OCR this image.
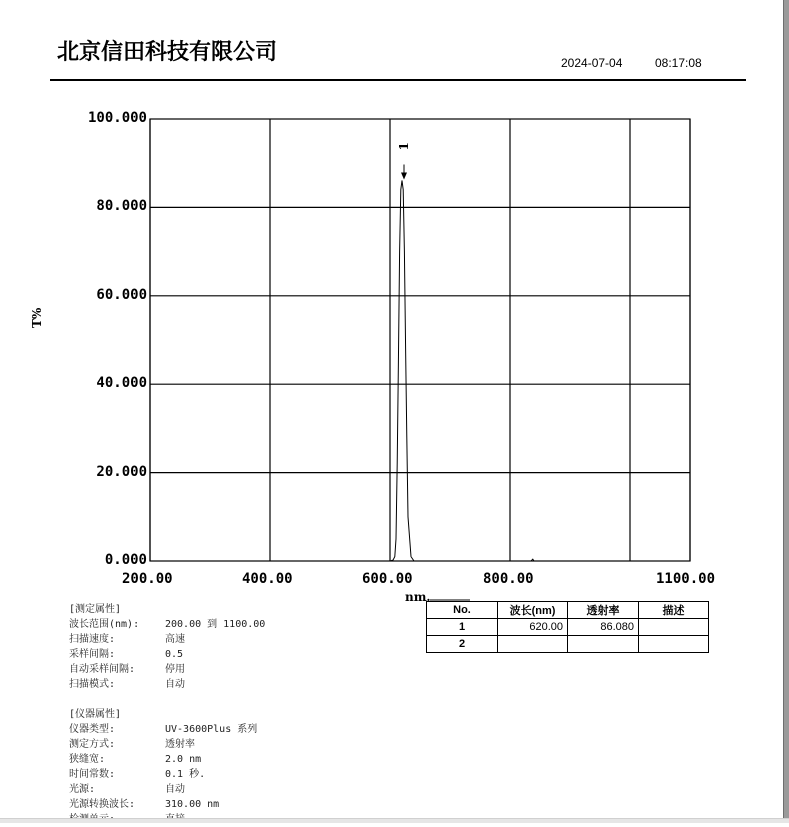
北京信田科技有限公司	2024-07-04	08:17:08
T%
100.000
80.000
60.000
40.000
20.000
0.000
200.00	400.00	600.00	800.00	1100.00
nm.
1
No.	波长(nm)	透射率	描述
1	620.00	86.080	
2			
[测定属性]
波长范围(nm):	200.00 到 1100.00
扫描速度:	高速
采样间隔:	0.5
自动采样间隔:	停用
扫描模式:	自动
[仪器属性]
仪器类型:	UV-3600Plus 系列
测定方式:	透射率
狭缝宽:	2.0 nm
时间常数:	0.1 秒.
光源:	自动
光源转换波长:	310.00 nm
